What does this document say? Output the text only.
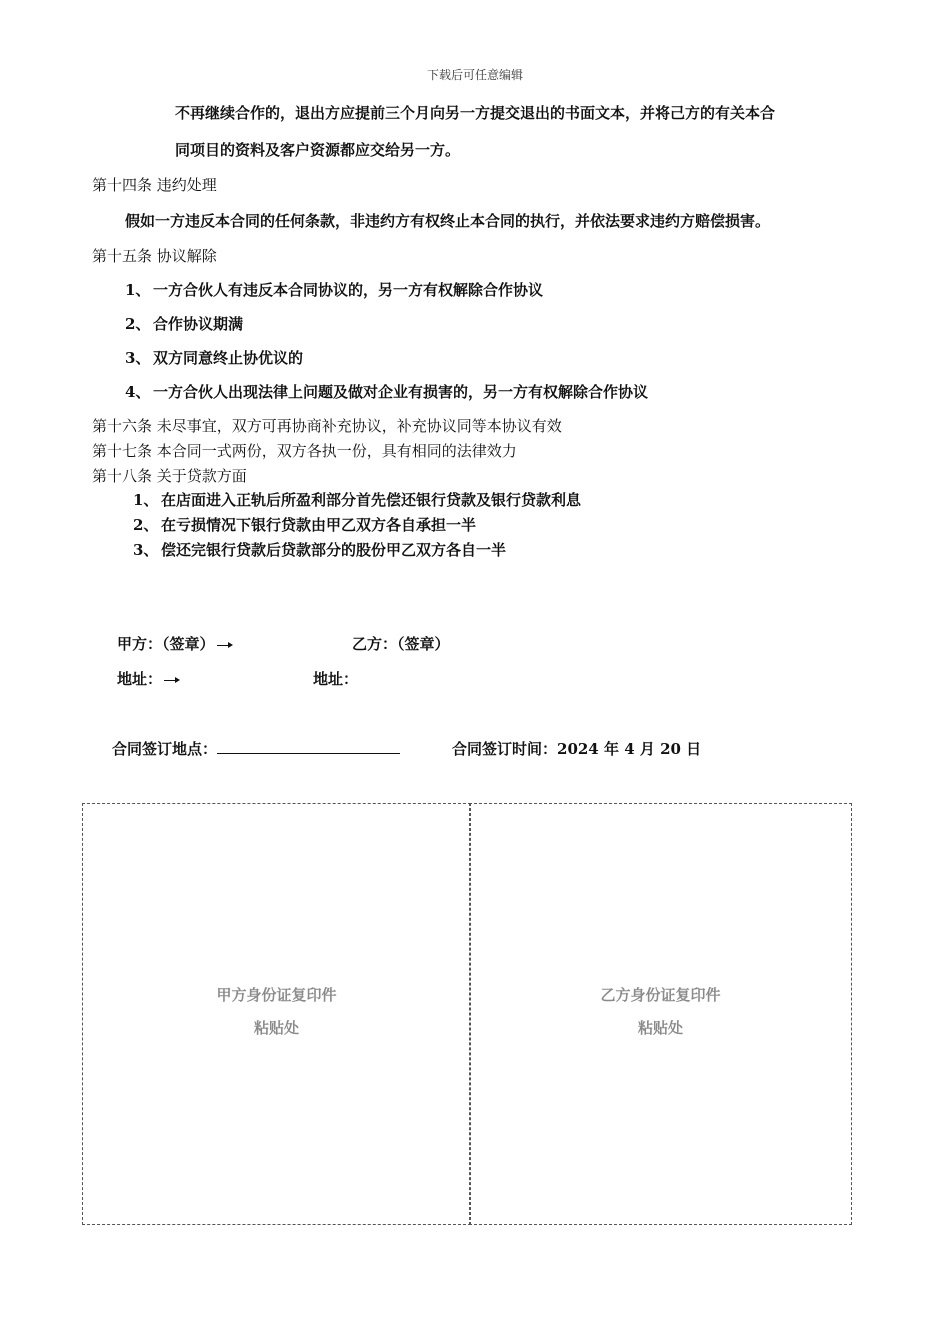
下载后可任意编辑
不再继续合作的，退出方应提前三个月向另一方提交退出的书面文本，并将己方的有关本合
同项目的资料及客户资源都应交给另一方。
第十四条 违约处理
假如一方违反本合同的任何条款，非违约方有权终止本合同的执行，并依法要求违约方赔偿损害。
第十五条 协议解除
1、 一方合伙人有违反本合同协议的，另一方有权解除合作协议
2、 合作协议期满
3、 双方同意终止协优议的
4、 一方合伙人出现法律上问题及做对企业有损害的，另一方有权解除合作协议
第十六条 未尽事宜，双方可再协商补充协议，补充协议同等本协议有效
第十七条 本合同一式两份，双方各执一份，具有相同的法律效力
第十八条 关于贷款方面
1、 在店面进入正轨后所盈利部分首先偿还银行贷款及银行贷款利息
2、 在亏损情况下银行贷款由甲乙双方各自承担一半
3、 偿还完银行贷款后贷款部分的股份甲乙双方各自一半
甲方：（签章）	乙方：（签章）
地址：	地址：
合同签订地点：	合同签订时间：2024 年 4 月 20 日
甲方身份证复印件
粘贴处
乙方身份证复印件
粘贴处
